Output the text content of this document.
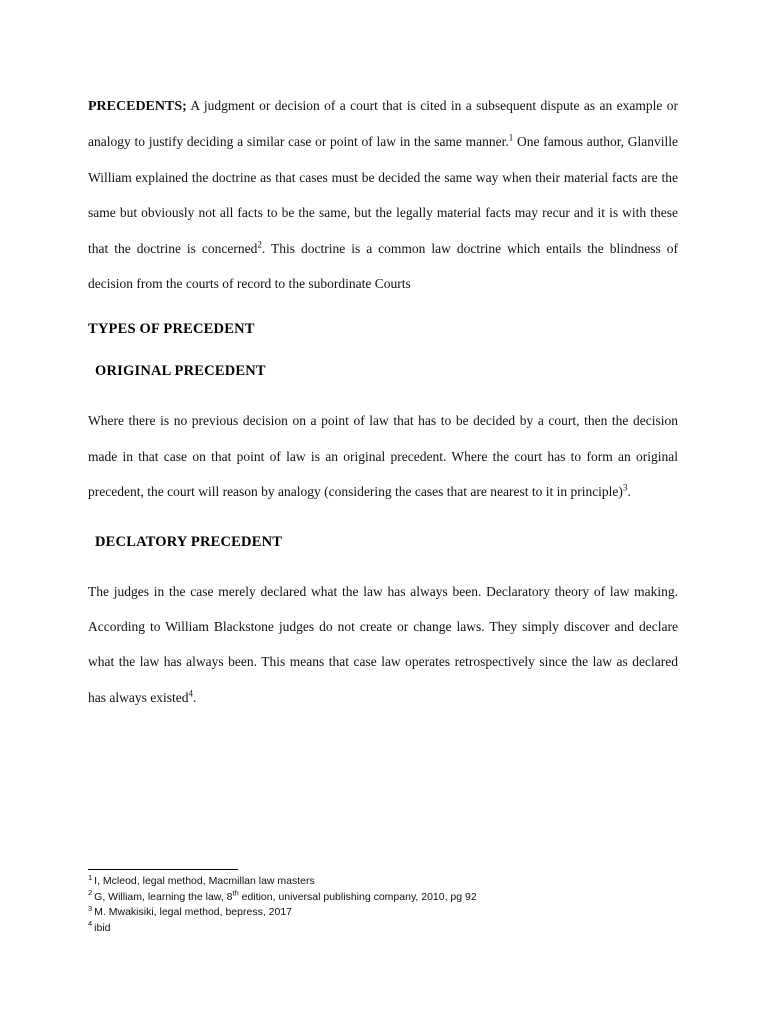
PRECEDENTS; A judgment or decision of a court that is cited in a subsequent dispute as an example or analogy to justify deciding a similar case or point of law in the same manner.$^1$ One famous author, Glanville William explained the doctrine as that cases must be decided the same way when their material facts are the same but obviously not all facts to be the same, but the legally material facts may recur and it is with these that the doctrine is concerned$^2$. This doctrine is a common law doctrine which entails the blindness of decision from the courts of record to the subordinate Courts

TYPES OF PRECEDENT
ORIGINAL PRECEDENT

Where there is no previous decision on a point of law that has to be decided by a court, then the decision made in that case on that point of law is an original precedent. Where the court has to form an original precedent, the court will reason by analogy (considering the cases that are nearest to it in principle)$^3$.

DECLATORY PRECEDENT

The judges in the case merely declared what the law has always been. Declaratory theory of law making. According to William Blackstone judges do not create or change laws. They simply discover and declare what the law has always been. This means that case law operates retrospectively since the law as declared has always existed$^4$.

$^1$ I, Mcleod, legal method, Macmillan law masters
$^2$ G, William, learning the law, 8th edition, universal publishing company, 2010, pg 92
$^3$ M. Mwakisiki, legal method, bepress, 2017
$^4$ ibid
